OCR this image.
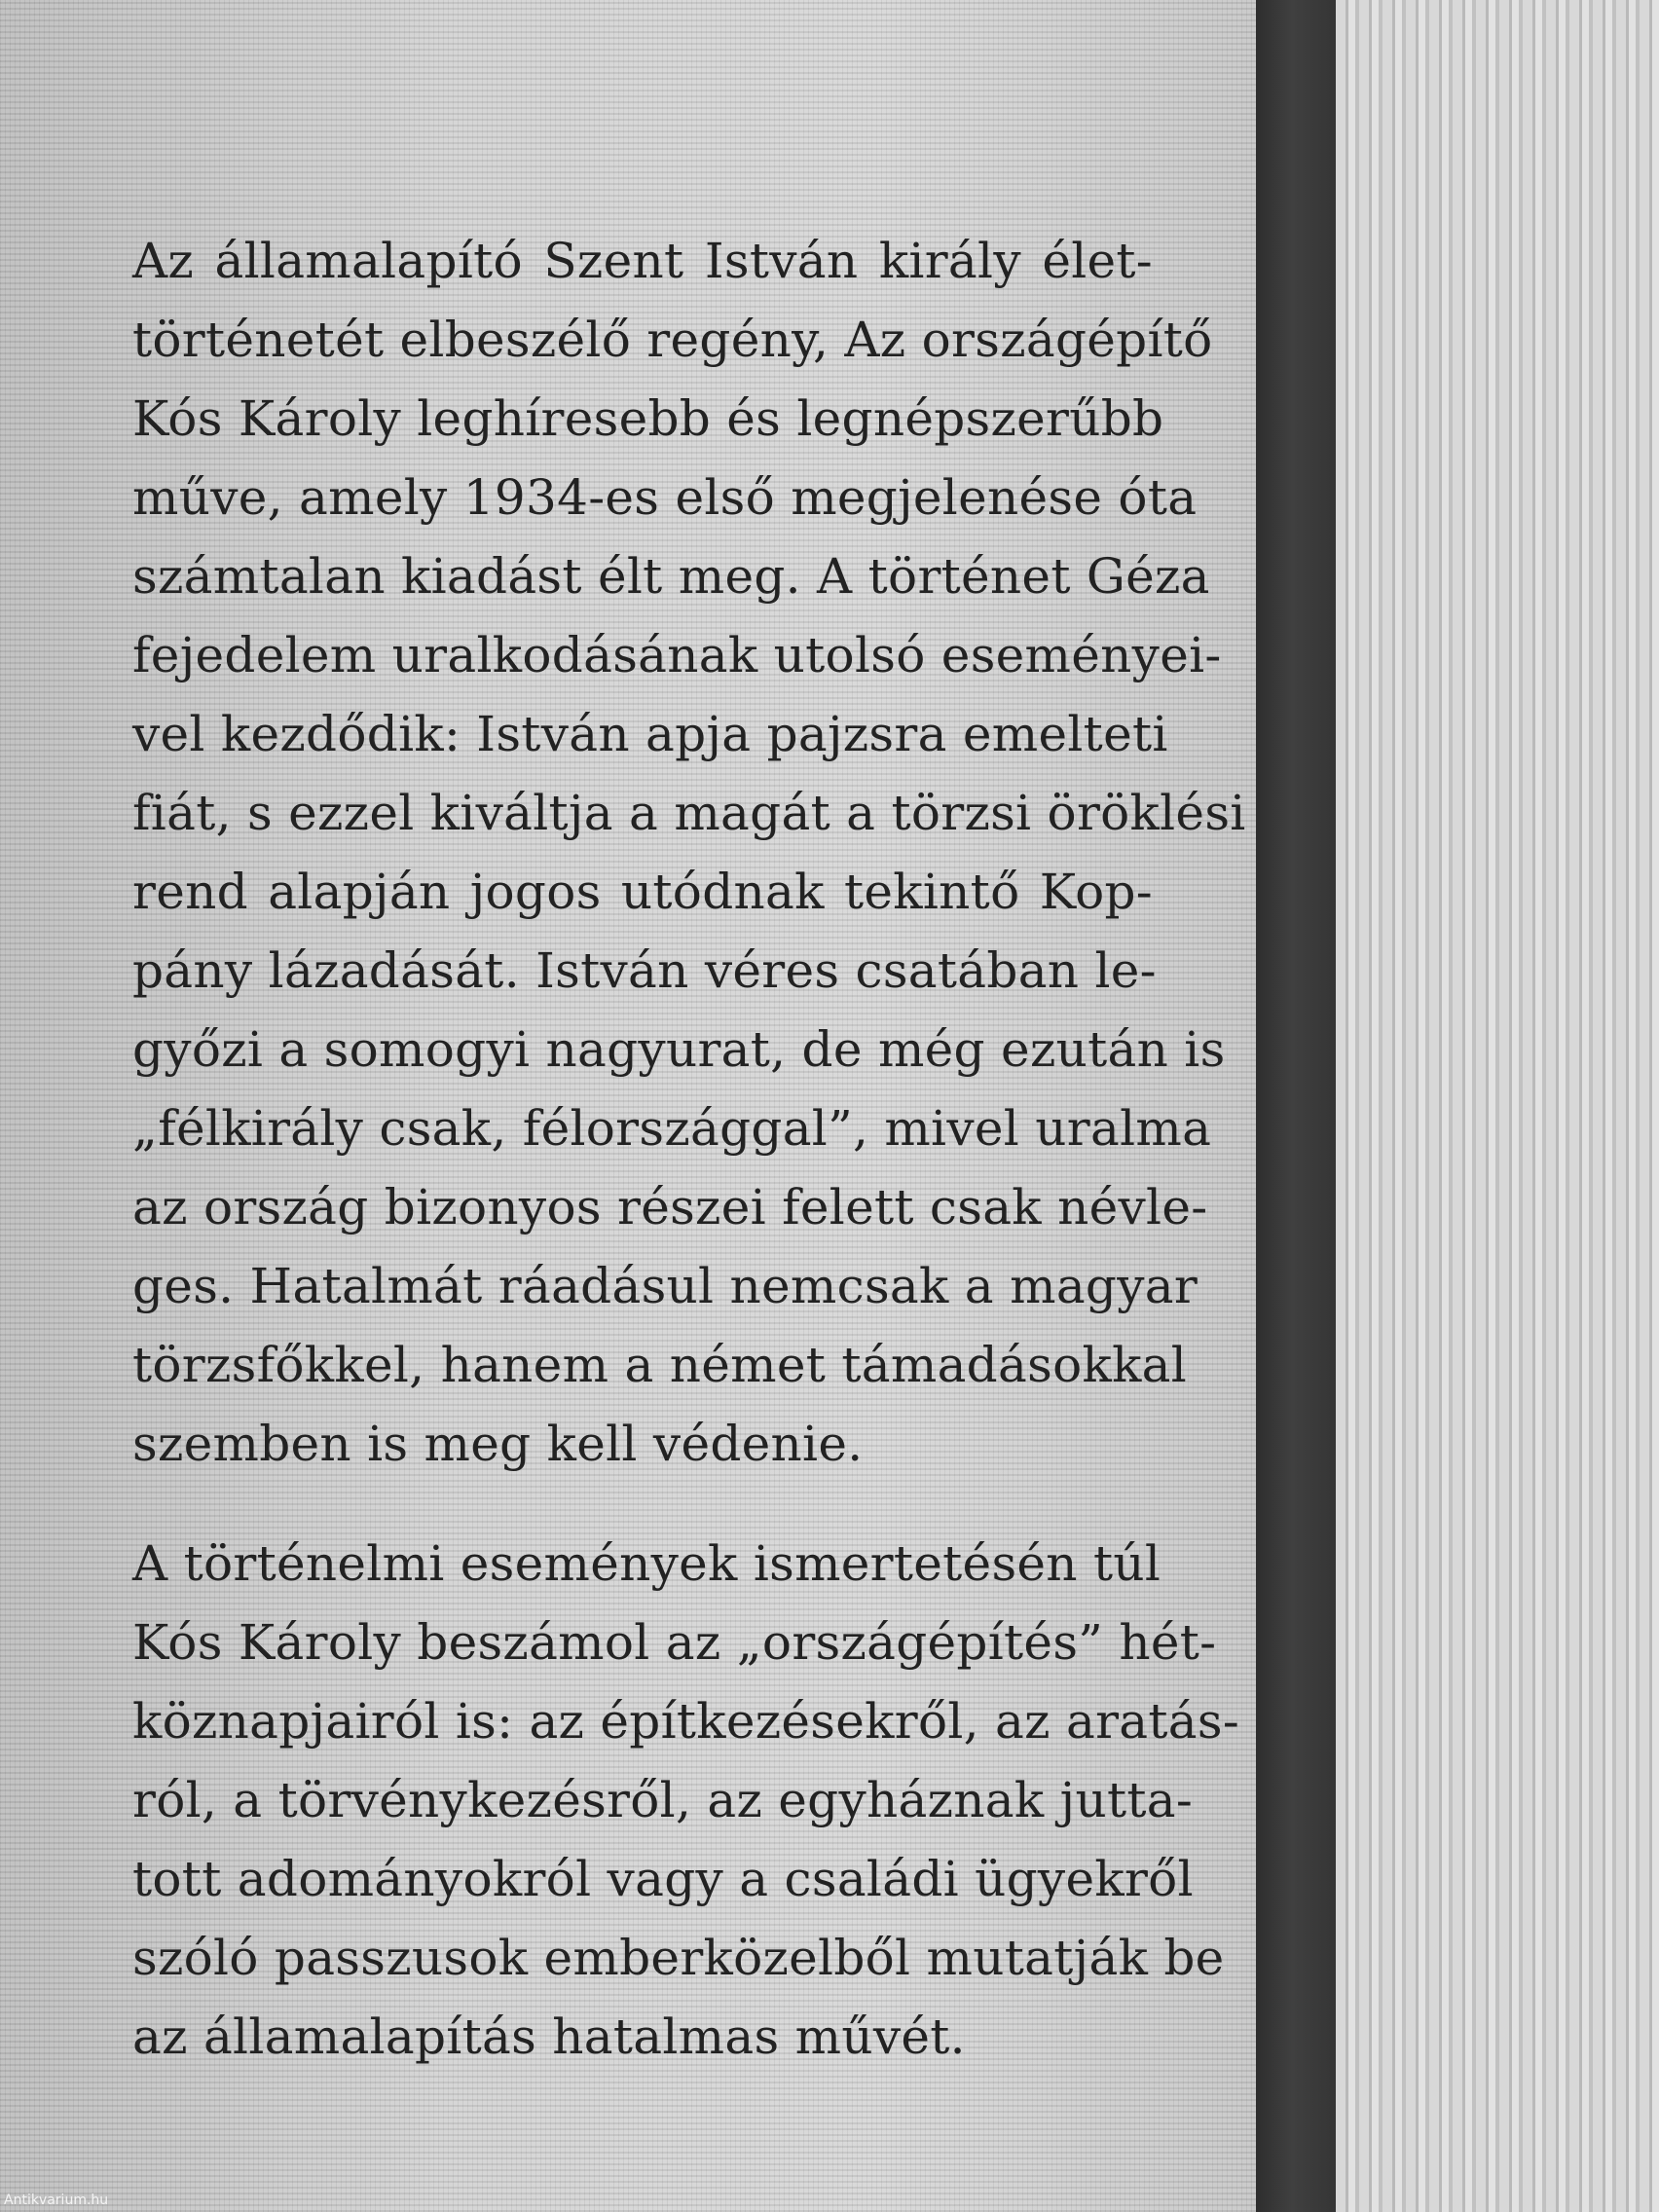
Az államalapító Szent István király élet-
történetét elbeszélő regény, Az országépítő
Kós Károly leghíresebb és legnépszerűbb
műve, amely 1934-es első megjelenése óta
számtalan kiadást élt meg. A történet Géza
fejedelem uralkodásának utolsó eseményei-
vel kezdődik: István apja pajzsra emelteti
fiát, s ezzel kiváltja a magát a törzsi öröklési
rend alapján jogos utódnak tekintő Kop-
pány lázadását. István véres csatában le-
győzi a somogyi nagyurat, de még ezután is
„félkirály csak, félországgal”, mivel uralma
az ország bizonyos részei felett csak névle-
ges. Hatalmát ráadásul nemcsak a magyar
törzsfőkkel, hanem a német támadásokkal
szemben is meg kell védenie.
A történelmi események ismertetésén túl
Kós Károly beszámol az „országépítés” hét-
köznapjairól is: az építkezésekről, az aratás-
ról, a törvénykezésről, az egyháznak jutta-
tott adományokról vagy a családi ügyekről
szóló passzusok emberközelből mutatják be
az államalapítás hatalmas művét.
Antikvarium.hu
